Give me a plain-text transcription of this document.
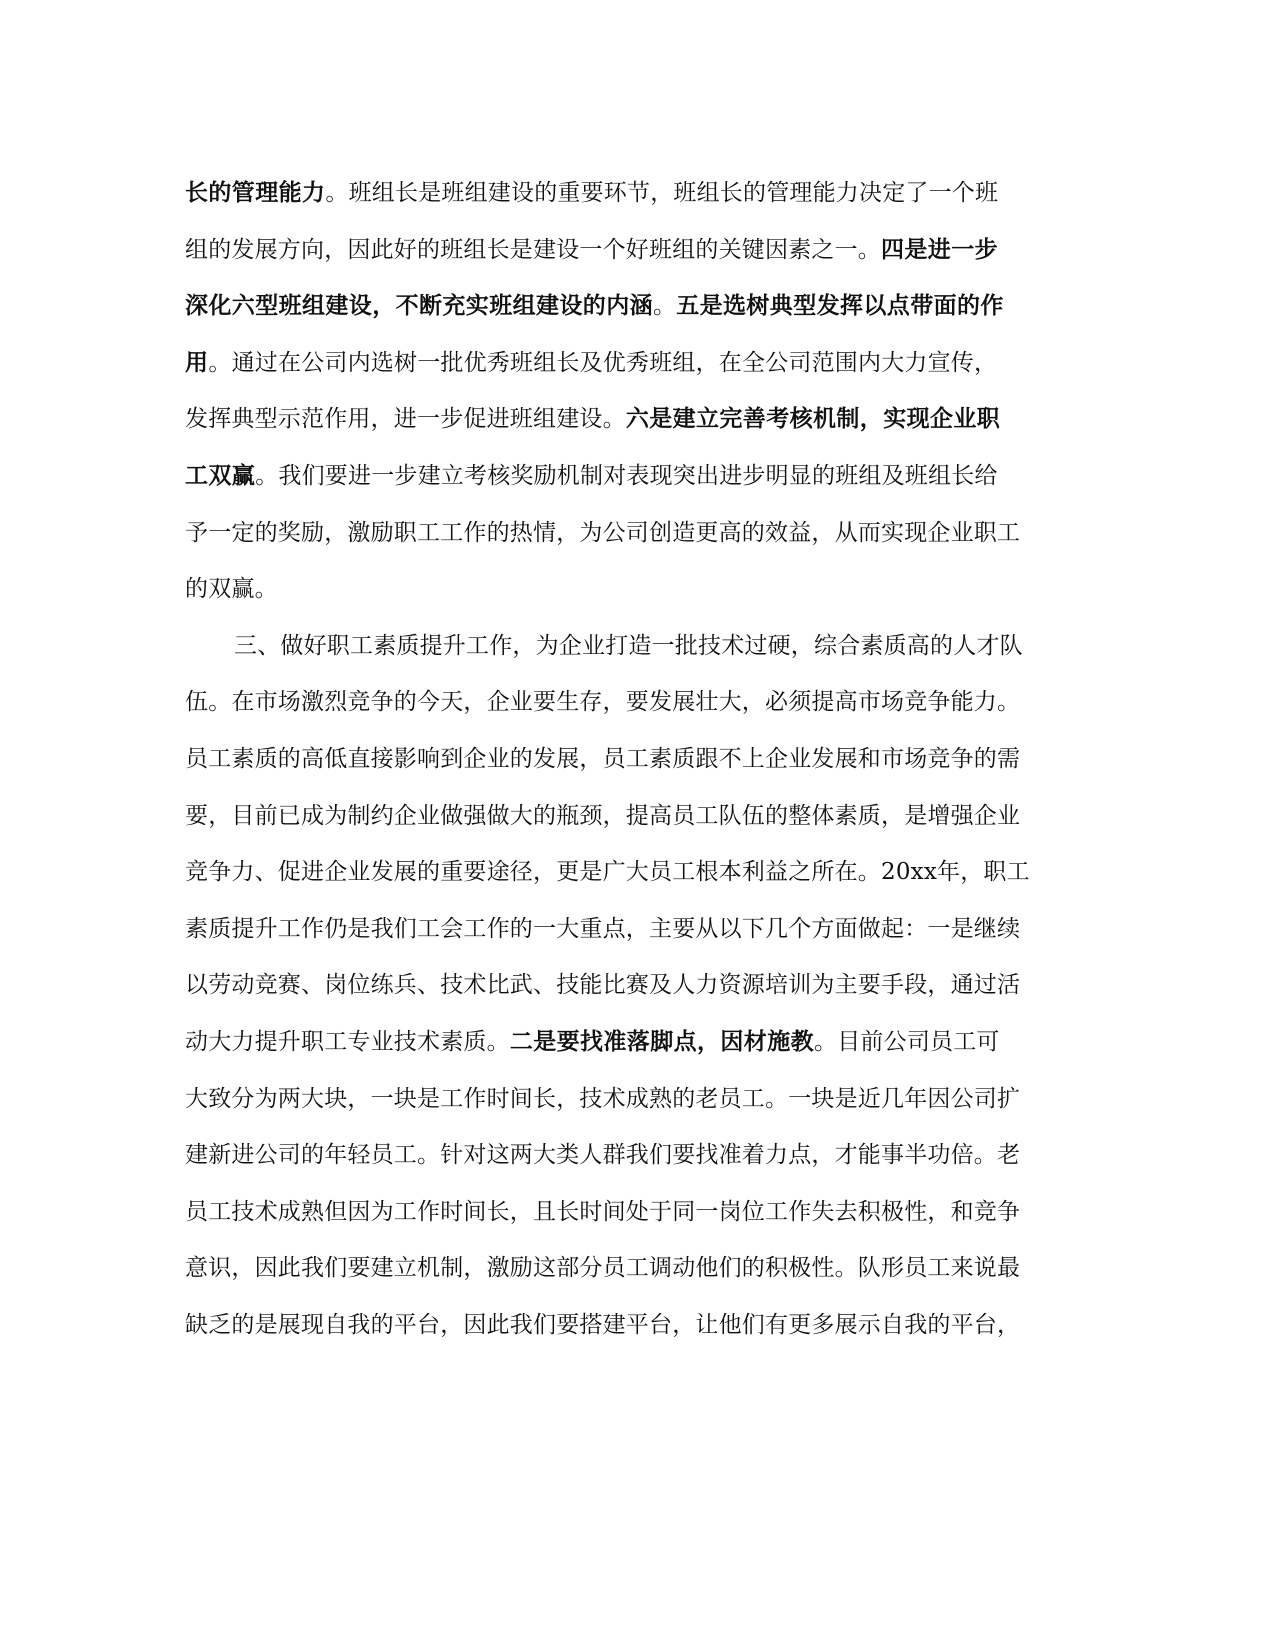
长的管理能力。班组长是班组建设的重要环节，班组长的管理能力决定了一个班
组的发展方向，因此好的班组长是建设一个好班组的关键因素之一。四是进一步
深化六型班组建设，不断充实班组建设的内涵。五是选树典型发挥以点带面的作
用。通过在公司内选树一批优秀班组长及优秀班组，在全公司范围内大力宣传，
发挥典型示范作用，进一步促进班组建设。六是建立完善考核机制，实现企业职
工双赢。我们要进一步建立考核奖励机制对表现突出进步明显的班组及班组长给
予一定的奖励，激励职工工作的热情，为公司创造更高的效益，从而实现企业职工
的双赢。
三、做好职工素质提升工作，为企业打造一批技术过硬，综合素质高的人才队
伍。在市场激烈竞争的今天，企业要生存，要发展壮大，必须提高市场竞争能力。
员工素质的高低直接影响到企业的发展，员工素质跟不上企业发展和市场竞争的需
要，目前已成为制约企业做强做大的瓶颈，提高员工队伍的整体素质，是增强企业
竞争力、促进企业发展的重要途径，更是广大员工根本利益之所在。20xx年，职工
素质提升工作仍是我们工会工作的一大重点，主要从以下几个方面做起：一是继续
以劳动竞赛、岗位练兵、技术比武、技能比赛及人力资源培训为主要手段，通过活
动大力提升职工专业技术素质。二是要找准落脚点，因材施教。目前公司员工可
大致分为两大块，一块是工作时间长，技术成熟的老员工。一块是近几年因公司扩
建新进公司的年轻员工。针对这两大类人群我们要找准着力点，才能事半功倍。老
员工技术成熟但因为工作时间长，且长时间处于同一岗位工作失去积极性，和竞争
意识，因此我们要建立机制，激励这部分员工调动他们的积极性。队形员工来说最
缺乏的是展现自我的平台，因此我们要搭建平台，让他们有更多展示自我的平台，
